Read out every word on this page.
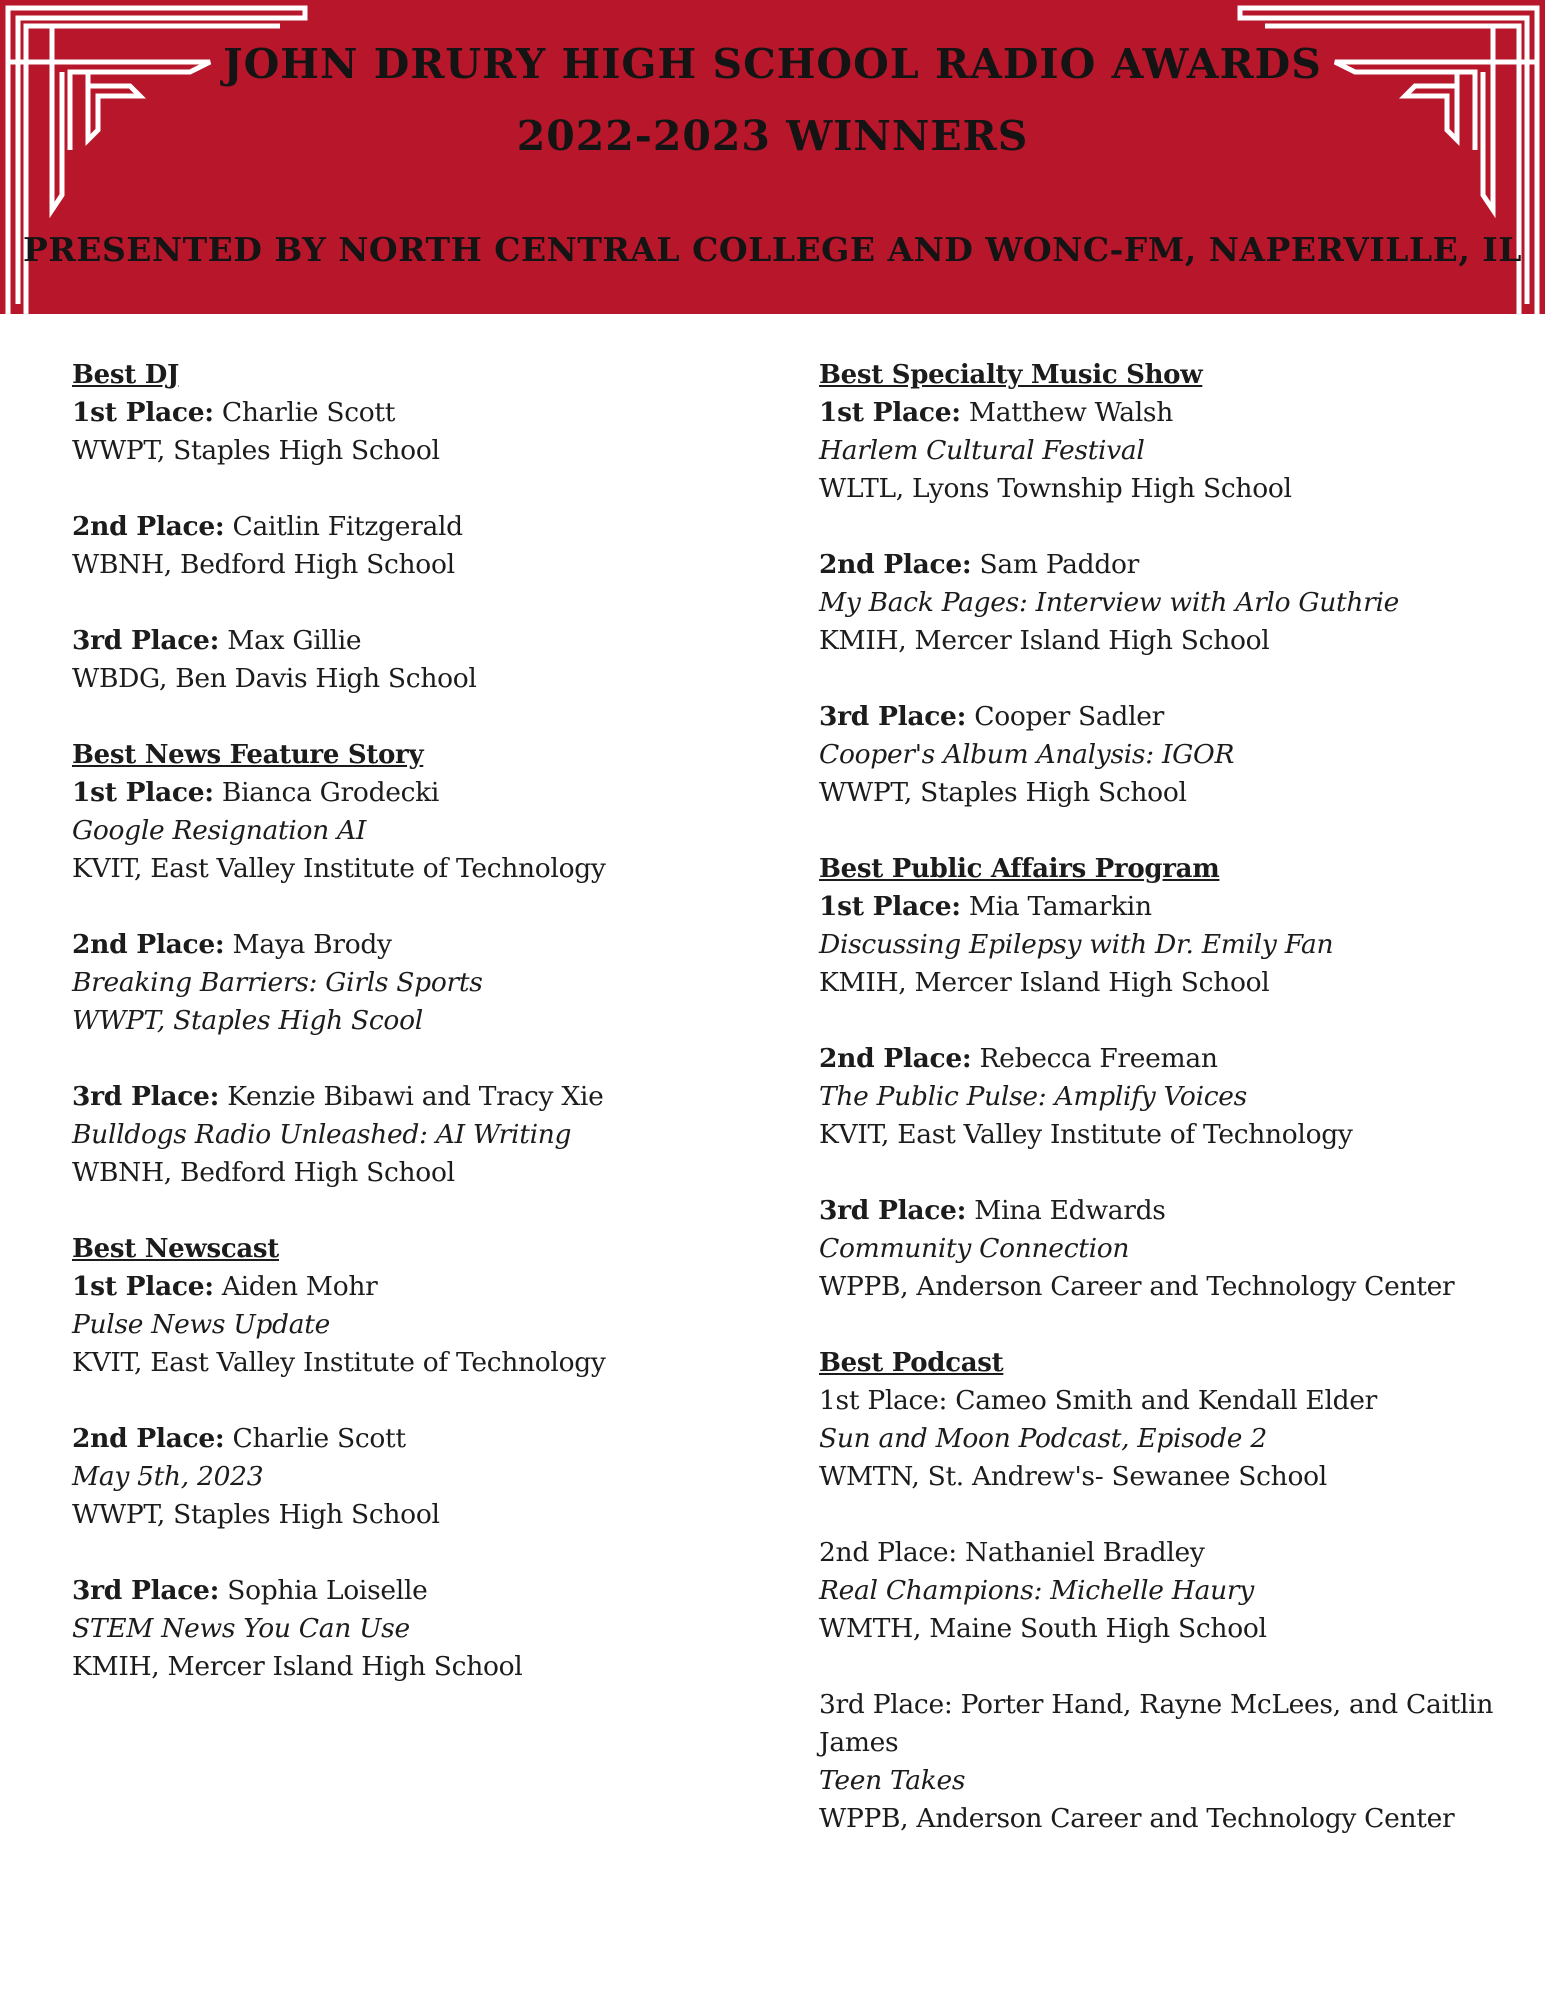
JOHN DRURY HIGH SCHOOL RADIO AWARDS
2022-2023 WINNERS
PRESENTED BY NORTH CENTRAL COLLEGE AND WONC-FM, NAPERVILLE, IL
Best DJ
1st Place: Charlie Scott
WWPT, Staples High School
2nd Place: Caitlin Fitzgerald
WBNH, Bedford High School
3rd Place: Max Gillie
WBDG, Ben Davis High School
Best News Feature Story
1st Place: Bianca Grodecki
Google Resignation AI
KVIT, East Valley Institute of Technology
2nd Place: Maya Brody
Breaking Barriers: Girls Sports
WWPT, Staples High Scool
3rd Place: Kenzie Bibawi and Tracy Xie
Bulldogs Radio Unleashed: AI Writing
WBNH, Bedford High School
Best Newscast
1st Place: Aiden Mohr
Pulse News Update
KVIT, East Valley Institute of Technology
2nd Place: Charlie Scott
May 5th, 2023
WWPT, Staples High School
3rd Place: Sophia Loiselle
STEM News You Can Use
KMIH, Mercer Island High School
Best Specialty Music Show
1st Place: Matthew Walsh
Harlem Cultural Festival
WLTL, Lyons Township High School
2nd Place: Sam Paddor
My Back Pages: Interview with Arlo Guthrie
KMIH, Mercer Island High School
3rd Place: Cooper Sadler
Cooper's Album Analysis: IGOR
WWPT, Staples High School
Best Public Affairs Program
1st Place: Mia Tamarkin
Discussing Epilepsy with Dr. Emily Fan
KMIH, Mercer Island High School
2nd Place: Rebecca Freeman
The Public Pulse: Amplify Voices
KVIT, East Valley Institute of Technology
3rd Place: Mina Edwards
Community Connection
WPPB, Anderson Career and Technology Center
Best Podcast
1st Place: Cameo Smith and Kendall Elder
Sun and Moon Podcast, Episode 2
WMTN, St. Andrew's- Sewanee School
2nd Place: Nathaniel Bradley
Real Champions: Michelle Haury
WMTH, Maine South High School
3rd Place: Porter Hand, Rayne McLees, and Caitlin
James
Teen Takes
WPPB, Anderson Career and Technology Center
